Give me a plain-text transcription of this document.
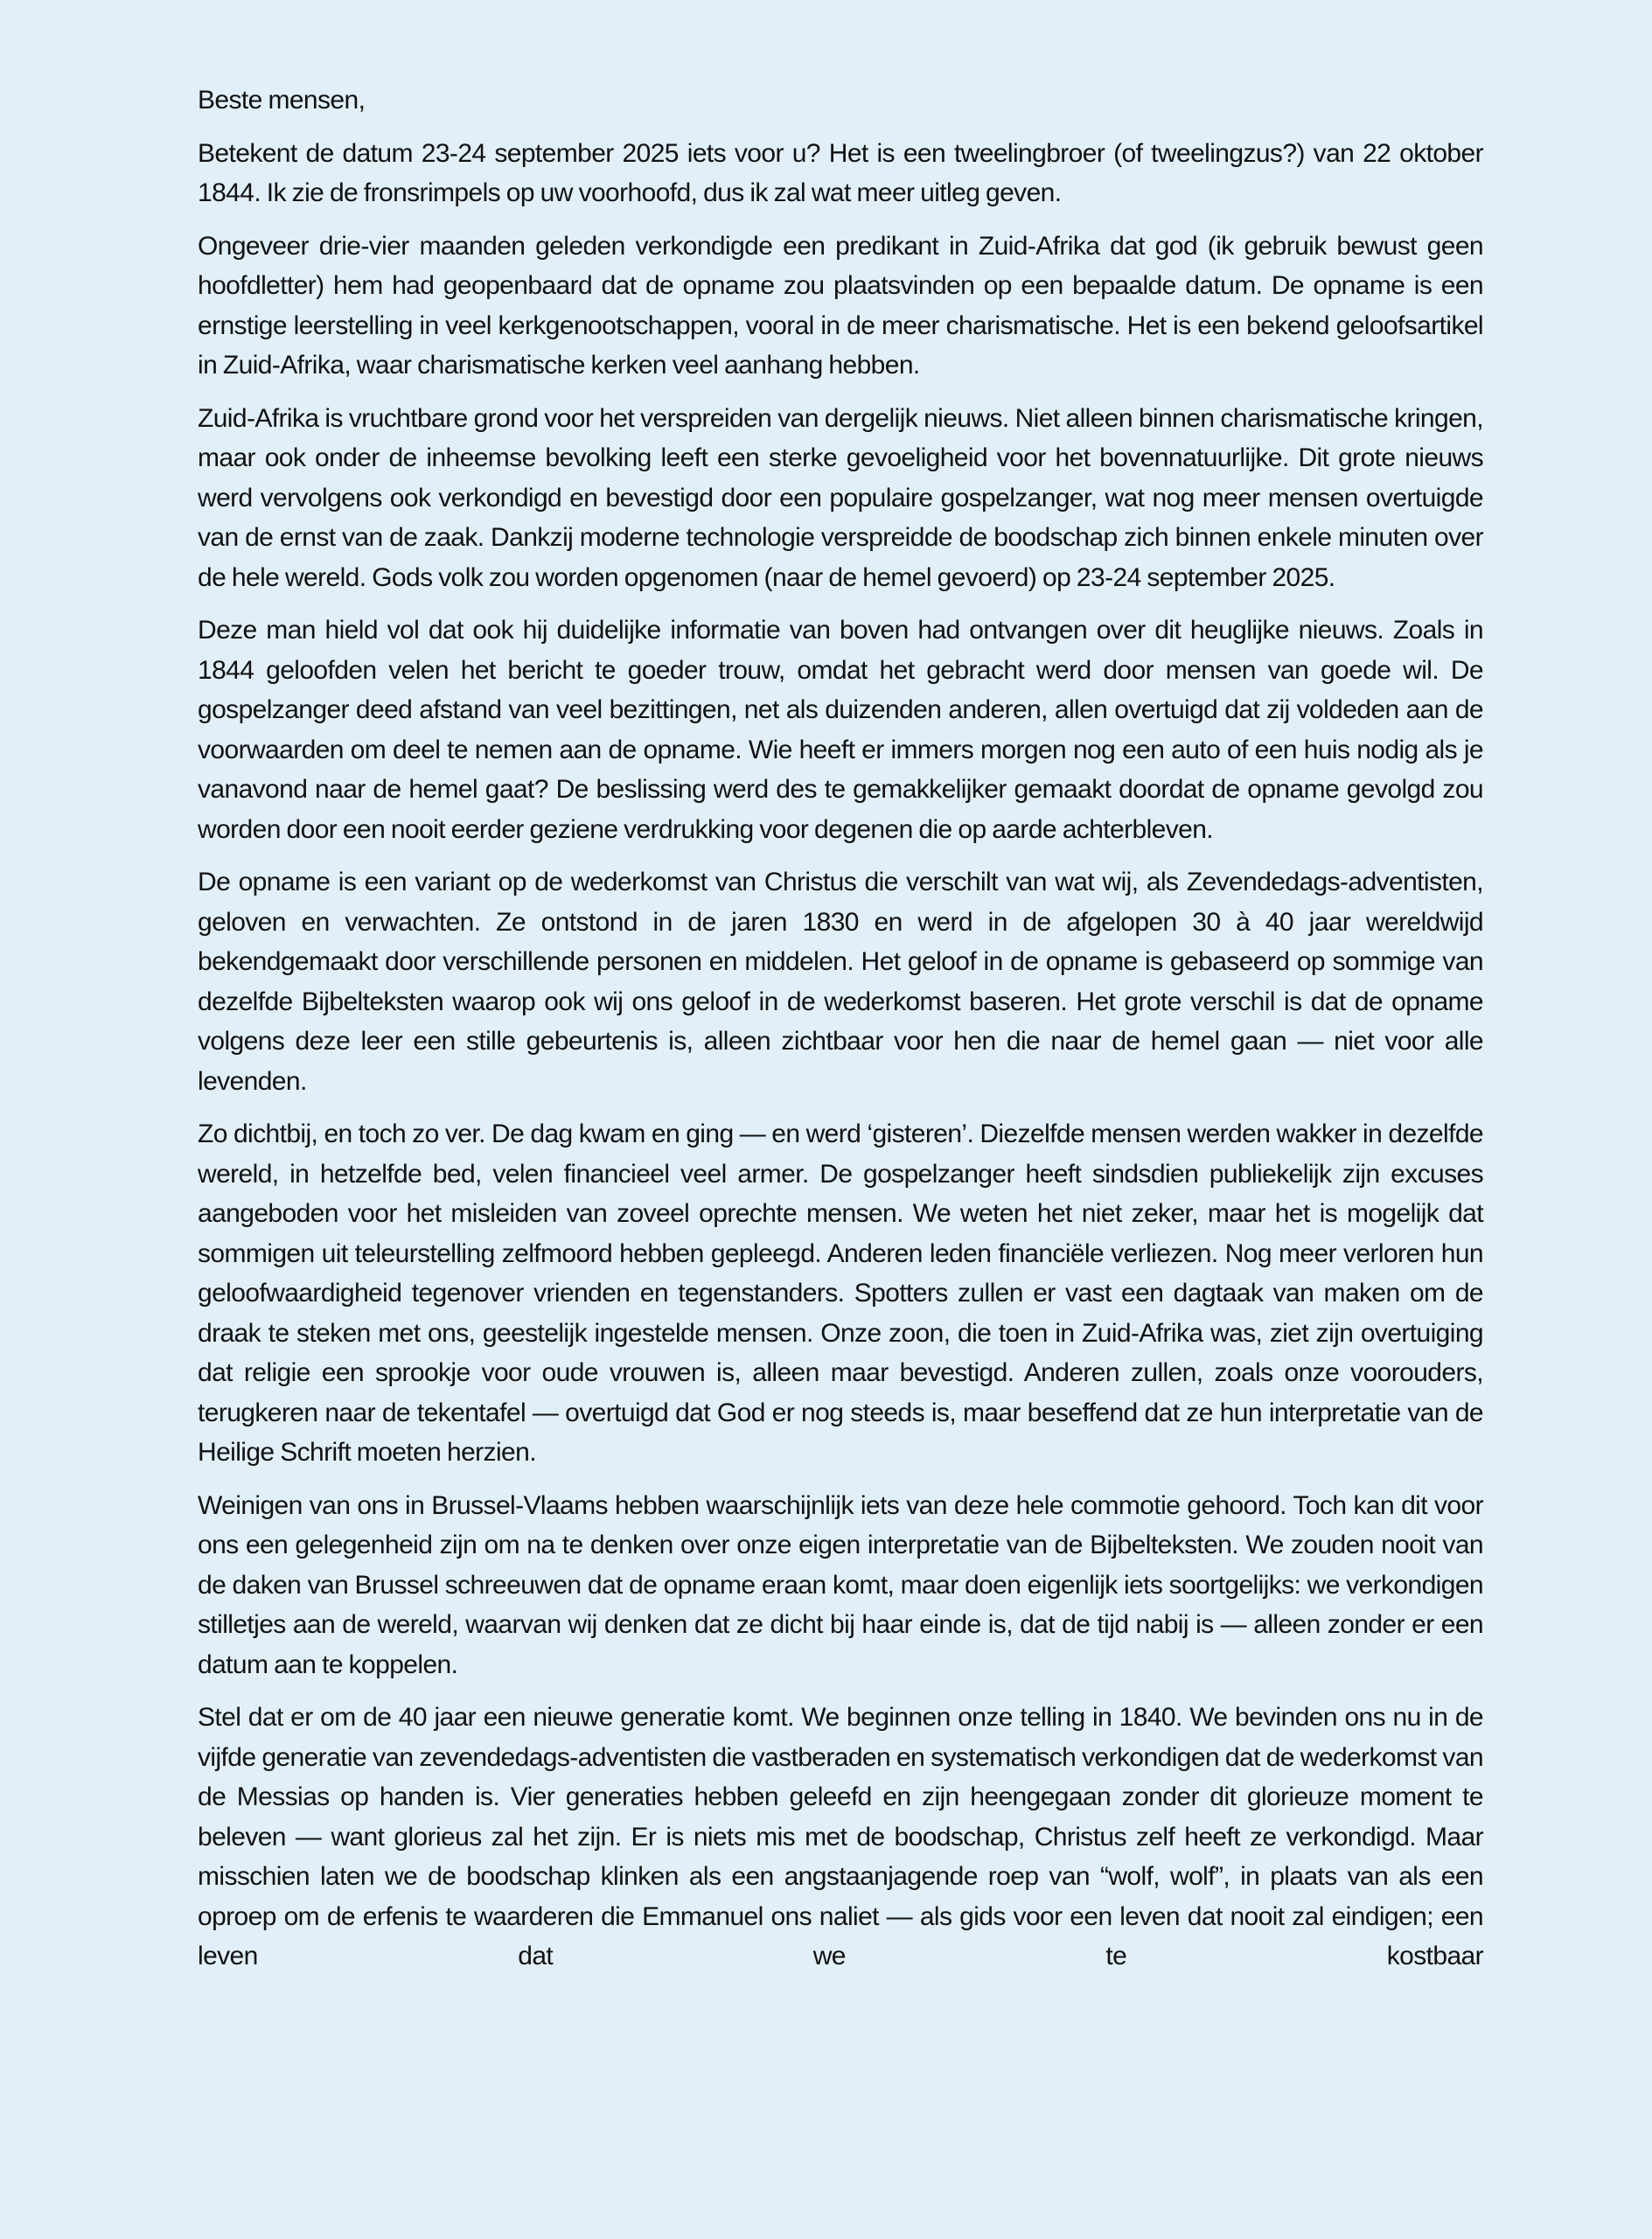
Beste mensen,

Betekent de datum 23-24 september 2025 iets voor u? Het is een tweelingbroer (of tweelingzus?) van 22 oktober 1844. Ik zie de fronsrimpels op uw voorhoofd, dus ik zal wat meer uitleg geven.

Ongeveer drie-vier maanden geleden verkondigde een predikant in Zuid-Afrika dat god (ik gebruik bewust geen hoofdletter) hem had geopenbaard dat de opname zou plaatsvinden op een bepaalde datum. De opname is een ernstige leerstelling in veel kerkgenootschappen, vooral in de meer charismatische. Het is een bekend geloofsartikel in Zuid-Afrika, waar charismatische kerken veel aanhang hebben.

Zuid-Afrika is vruchtbare grond voor het verspreiden van dergelijk nieuws. Niet alleen binnen charismatische kringen, maar ook onder de inheemse bevolking leeft een sterke gevoeligheid voor het bovennatuurlijke. Dit grote nieuws werd vervolgens ook verkondigd en bevestigd door een populaire gospelzanger, wat nog meer mensen overtuigde van de ernst van de zaak. Dankzij moderne technologie verspreidde de boodschap zich binnen enkele minuten over de hele wereld. Gods volk zou worden opgenomen (naar de hemel gevoerd) op 23-24 september 2025.

Deze man hield vol dat ook hij duidelijke informatie van boven had ontvangen over dit heuglijke nieuws. Zoals in 1844 geloofden velen het bericht te goeder trouw, omdat het gebracht werd door mensen van goede wil. De gospelzanger deed afstand van veel bezittingen, net als duizenden anderen, allen overtuigd dat zij voldeden aan de voorwaarden om deel te nemen aan de opname. Wie heeft er immers morgen nog een auto of een huis nodig als je vanavond naar de hemel gaat? De beslissing werd des te gemakkelijker gemaakt doordat de opname gevolgd zou worden door een nooit eerder geziene verdrukking voor degenen die op aarde achterbleven.

De opname is een variant op de wederkomst van Christus die verschilt van wat wij, als Zevendedags-adventisten, geloven en verwachten. Ze ontstond in de jaren 1830 en werd in de afgelopen 30 à 40 jaar wereldwijd bekendgemaakt door verschillende personen en middelen. Het geloof in de opname is gebaseerd op sommige van dezelfde Bijbelteksten waarop ook wij ons geloof in de wederkomst baseren. Het grote verschil is dat de opname volgens deze leer een stille gebeurtenis is, alleen zichtbaar voor hen die naar de hemel gaan — niet voor alle levenden.

Zo dichtbij, en toch zo ver. De dag kwam en ging — en werd ‘gisteren’. Diezelfde mensen werden wakker in dezelfde wereld, in hetzelfde bed, velen financieel veel armer. De gospelzanger heeft sindsdien publiekelijk zijn excuses aangeboden voor het misleiden van zoveel oprechte mensen. We weten het niet zeker, maar het is mogelijk dat sommigen uit teleurstelling zelfmoord hebben gepleegd. Anderen leden financiële verliezen. Nog meer verloren hun geloofwaardigheid tegenover vrienden en tegenstanders. Spotters zullen er vast een dagtaak van maken om de draak te steken met ons, geestelijk ingestelde mensen. Onze zoon, die toen in Zuid-Afrika was, ziet zijn overtuiging dat religie een sprookje voor oude vrouwen is, alleen maar bevestigd. Anderen zullen, zoals onze voorouders, terugkeren naar de tekentafel — overtuigd dat God er nog steeds is, maar beseffend dat ze hun interpretatie van de Heilige Schrift moeten herzien.

Weinigen van ons in Brussel-Vlaams hebben waarschijnlijk iets van deze hele commotie gehoord. Toch kan dit voor ons een gelegenheid zijn om na te denken over onze eigen interpretatie van de Bijbelteksten. We zouden nooit van de daken van Brussel schreeuwen dat de opname eraan komt, maar doen eigenlijk iets soortgelijks: we verkondigen stilletjes aan de wereld, waarvan wij denken dat ze dicht bij haar einde is, dat de tijd nabij is — alleen zonder er een datum aan te koppelen.

Stel dat er om de 40 jaar een nieuwe generatie komt. We beginnen onze telling in 1840. We bevinden ons nu in de vijfde generatie van zevendedags-adventisten die vastberaden en systematisch verkondigen dat de wederkomst van de Messias op handen is. Vier generaties hebben geleefd en zijn heengegaan zonder dit glorieuze moment te beleven — want glorieus zal het zijn. Er is niets mis met de boodschap, Christus zelf heeft ze verkondigd. Maar misschien laten we de boodschap klinken als een angstaanjagende roep van “wolf, wolf”, in plaats van als een oproep om de erfenis te waarderen die Emmanuel ons naliet — als gids voor een leven dat nooit zal eindigen; een leven dat we te kostbaar
